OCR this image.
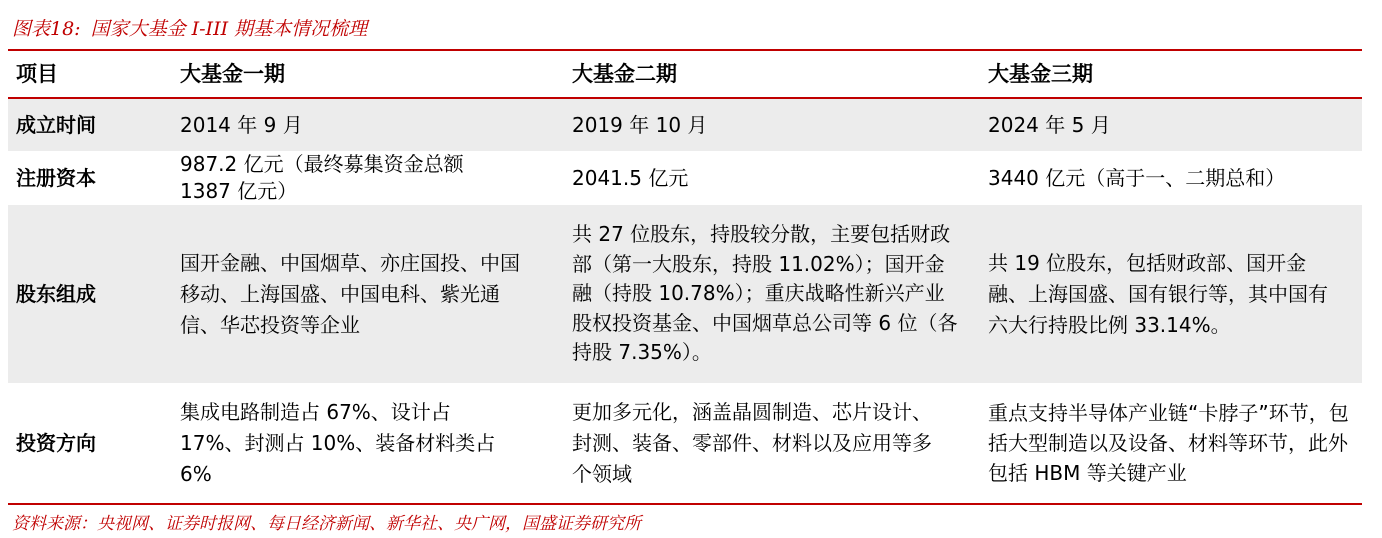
图表18: 国家大基金 I-III 期基本情况梳理
项目	大基金一期	大基金二期	大基金三期
成立时间	2014 年 9 月	2019 年 10 月	2024 年 5 月
注册资本	987.2 亿元（最终募集资金总额 1387 亿元）	2041.5 亿元	3440 亿元（高于一、二期总和）
股东组成	国开金融、中国烟草、亦庄国投、中国移动、上海国盛、中国电科、紫光通信、华芯投资等企业	共 27 位股东，持股较分散，主要包括财政部（第一大股东，持股 11.02%）；国开金融（持股 10.78%）；重庆战略性新兴产业股权投资基金、中国烟草总公司等 6 位（各持股 7.35%）。	共 19 位股东，包括财政部、国开金融、上海国盛、国有银行等，其中国有六大行持股比例 33.14%。

投资方向	集成电路制造占 67%、设计占 17%、封测占 10%、装备材料类占 6%	更加多元化，涵盖晶圆制造、芯片设计、封测、装备、零部件、材料以及应用等多个领域	重点支持半导体产业链“卡脖子”环节，包括大型制造以及设备、材料等环节，此外包括 HBM 等关键产业
资料来源：央视网、证券时报网、每日经济新闻、新华社、央广网，国盛证券研究所
